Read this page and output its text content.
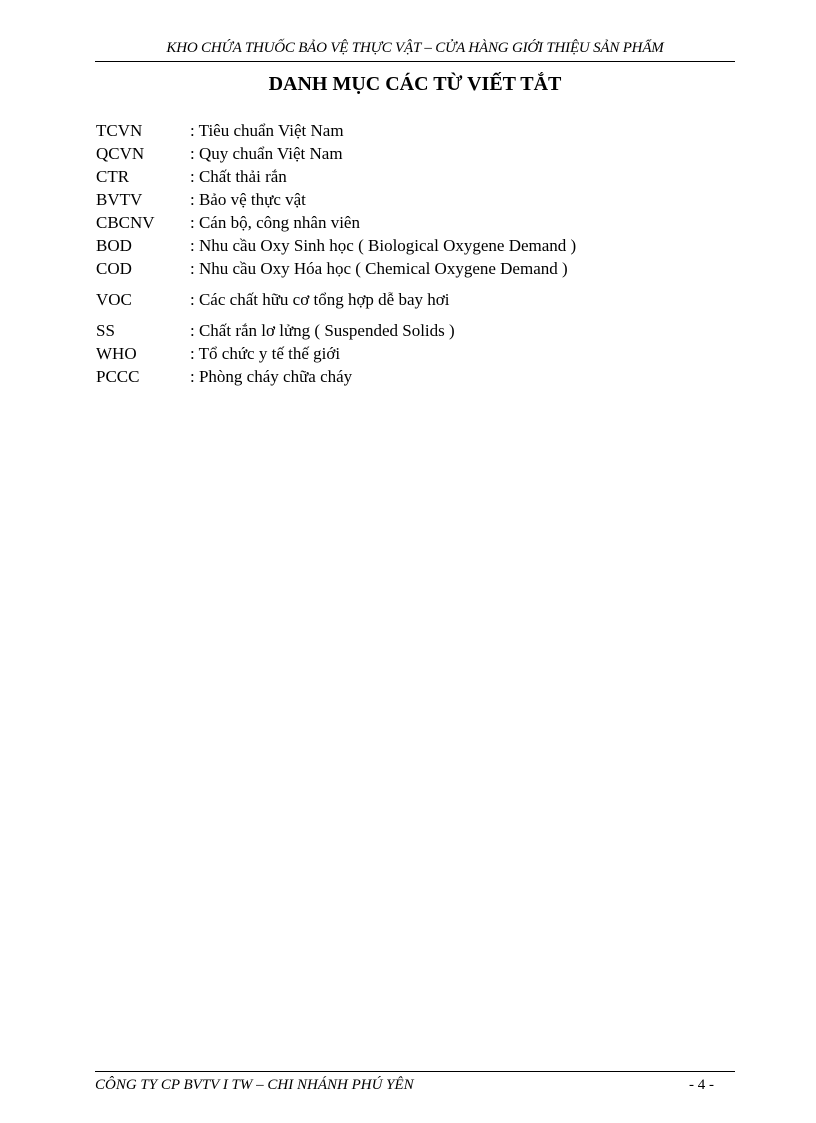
KHO CHỨA THUỐC BẢO VỆ THỰC VẬT – CỬA HÀNG GIỚI THIỆU SẢN PHẨM
DANH MỤC CÁC TỪ VIẾT TẮT
TCVN	: Tiêu chuẩn Việt Nam
QCVN	: Quy chuẩn Việt Nam
CTR	: Chất thải rắn
BVTV	: Bảo vệ thực vật
CBCNV	: Cán bộ, công nhân viên
BOD	: Nhu cầu Oxy Sinh học ( Biological Oxygene Demand )
COD	: Nhu cầu Oxy Hóa học ( Chemical Oxygene Demand )
VOC	: Các chất hữu cơ tổng hợp dễ bay hơi
SS	: Chất rắn lơ lửng ( Suspended Solids )
WHO	: Tổ chức y tế thế giới
PCCC	: Phòng cháy chữa cháy
CÔNG TY CP BVTV I TW – CHI NHÁNH PHÚ YÊN	- 4 -
